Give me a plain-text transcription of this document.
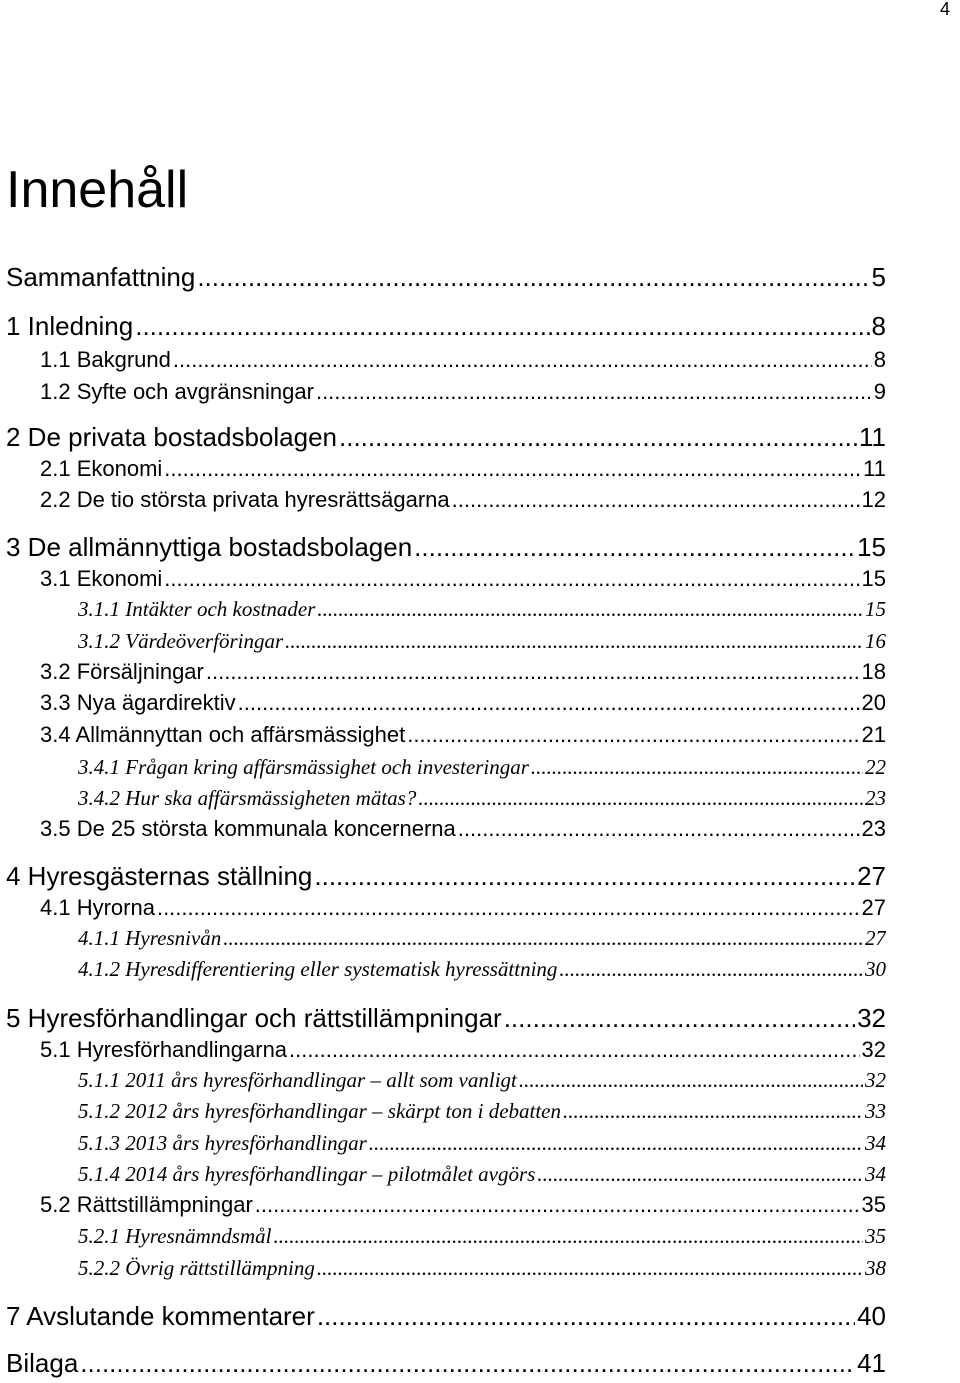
4
Innehåll
Sammanfattning .....	5
1 Inledning .....	8
1.1 Bakgrund .....	8
1.2 Syfte och avgränsningar .....	9
2 De privata bostadsbolagen .....	11
2.1 Ekonomi .....	11
2.2 De tio största privata hyresrättsägarna .....	12
3 De allmännyttiga bostadsbolagen .....	15
3.1 Ekonomi .....	15
3.1.1 Intäkter och kostnader .....	15
3.1.2 Värdeöverföringar .....	16
3.2 Försäljningar .....	18
3.3 Nya ägardirektiv .....	20
3.4 Allmännyttan och affärsmässighet .....	21
3.4.1 Frågan kring affärsmässighet och investeringar .....	22
3.4.2 Hur ska affärsmässigheten mätas? .....	23
3.5 De 25 största kommunala koncernerna .....	23
4 Hyresgästernas ställning .....	27
4.1 Hyrorna .....	27
4.1.1 Hyresnivån .....	27
4.1.2 Hyresdifferentiering eller systematisk hyressättning .....	30
5 Hyresförhandlingar och rättstillämpningar .....	32
5.1 Hyresförhandlingarna .....	32
5.1.1 2011 års hyresförhandlingar – allt som vanligt .....	32
5.1.2 2012 års hyresförhandlingar – skärpt ton i debatten .....	33
5.1.3 2013 års hyresförhandlingar .....	34
5.1.4 2014 års hyresförhandlingar – pilotmålet avgörs .....	34
5.2 Rättstillämpningar .....	35
5.2.1 Hyresnämndsmål .....	35
5.2.2 Övrig rättstillämpning .....	38
7 Avslutande kommentarer .....	40
Bilaga .....	41
